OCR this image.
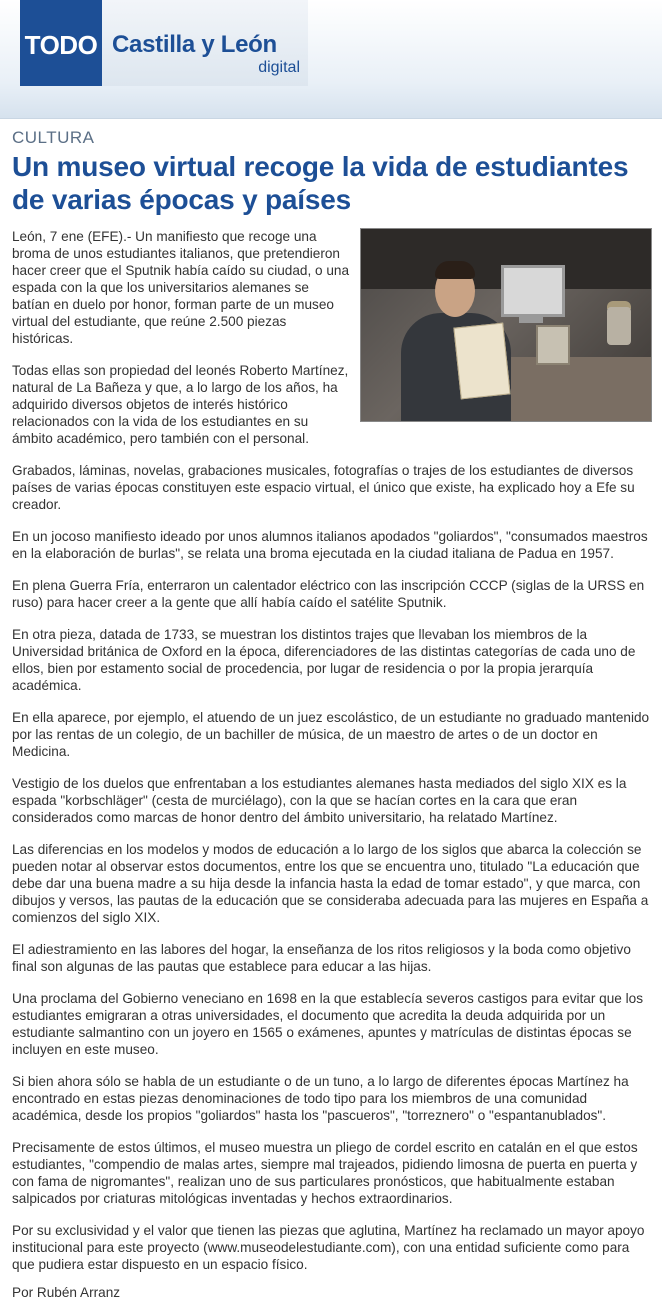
TODO Castilla y León
digital
CULTURA
Un museo virtual recoge la vida de estudiantes de varias épocas y países

León, 7 ene (EFE).- Un manifiesto que recoge una broma de unos estudiantes italianos, que pretendieron hacer creer que el Sputnik había caído su ciudad, o una espada con la que los universitarios alemanes se batían en duelo por honor, forman parte de un museo virtual del estudiante, que reúne 2.500 piezas históricas.

Todas ellas son propiedad del leonés Roberto Martínez, natural de La Bañeza y que, a lo largo de los años, ha adquirido diversos objetos de interés histórico relacionados con la vida de los estudiantes en su ámbito académico, pero también con el personal.

Grabados, láminas, novelas, grabaciones musicales, fotografías o trajes de los estudiantes de diversos países de varias épocas constituyen este espacio virtual, el único que existe, ha explicado hoy a Efe su creador.

En un jocoso manifiesto ideado por unos alumnos italianos apodados "goliardos", "consumados maestros en la elaboración de burlas", se relata una broma ejecutada en la ciudad italiana de Padua en 1957.

En plena Guerra Fría, enterraron un calentador eléctrico con las inscripción CCCP (siglas de la URSS en ruso) para hacer creer a la gente que allí había caído el satélite Sputnik.

En otra pieza, datada de 1733, se muestran los distintos trajes que llevaban los miembros de la Universidad británica de Oxford en la época, diferenciadores de las distintas categorías de cada uno de ellos, bien por estamento social de procedencia, por lugar de residencia o por la propia jerarquía académica.

En ella aparece, por ejemplo, el atuendo de un juez escolástico, de un estudiante no graduado mantenido por las rentas de un colegio, de un bachiller de música, de un maestro de artes o de un doctor en Medicina.

Vestigio de los duelos que enfrentaban a los estudiantes alemanes hasta mediados del siglo XIX es la espada "korbschläger" (cesta de murciélago), con la que se hacían cortes en la cara que eran considerados como marcas de honor dentro del ámbito universitario, ha relatado Martínez.

Las diferencias en los modelos y modos de educación a lo largo de los siglos que abarca la colección se pueden notar al observar estos documentos, entre los que se encuentra uno, titulado "La educación que debe dar una buena madre a su hija desde la infancia hasta la edad de tomar estado", y que marca, con dibujos y versos, las pautas de la educación que se consideraba adecuada para las mujeres en España a comienzos del siglo XIX.

El adiestramiento en las labores del hogar, la enseñanza de los ritos religiosos y la boda como objetivo final son algunas de las pautas que establece para educar a las hijas.

Una proclama del Gobierno veneciano en 1698 en la que establecía severos castigos para evitar que los estudiantes emigraran a otras universidades, el documento que acredita la deuda adquirida por un estudiante salmantino con un joyero en 1565 o exámenes, apuntes y matrículas de distintas épocas se incluyen en este museo.

Si bien ahora sólo se habla de un estudiante o de un tuno, a lo largo de diferentes épocas Martínez ha encontrado en estas piezas denominaciones de todo tipo para los miembros de una comunidad académica, desde los propios "goliardos" hasta los "pascueros", "torreznero" o "espantanublados".

Precisamente de estos últimos, el museo muestra un pliego de cordel escrito en catalán en el que estos estudiantes, "compendio de malas artes, siempre mal trajeados, pidiendo limosna de puerta en puerta y con fama de nigromantes", realizan uno de sus particulares pronósticos, que habitualmente estaban salpicados por criaturas mitológicas inventadas y hechos extraordinarios.

Por su exclusividad y el valor que tienen las piezas que aglutina, Martínez ha reclamado un mayor apoyo institucional para este proyecto (www.museodelestudiante.com), con una entidad suficiente como para que pudiera estar dispuesto en un espacio físico.

Por Rubén Arranz
